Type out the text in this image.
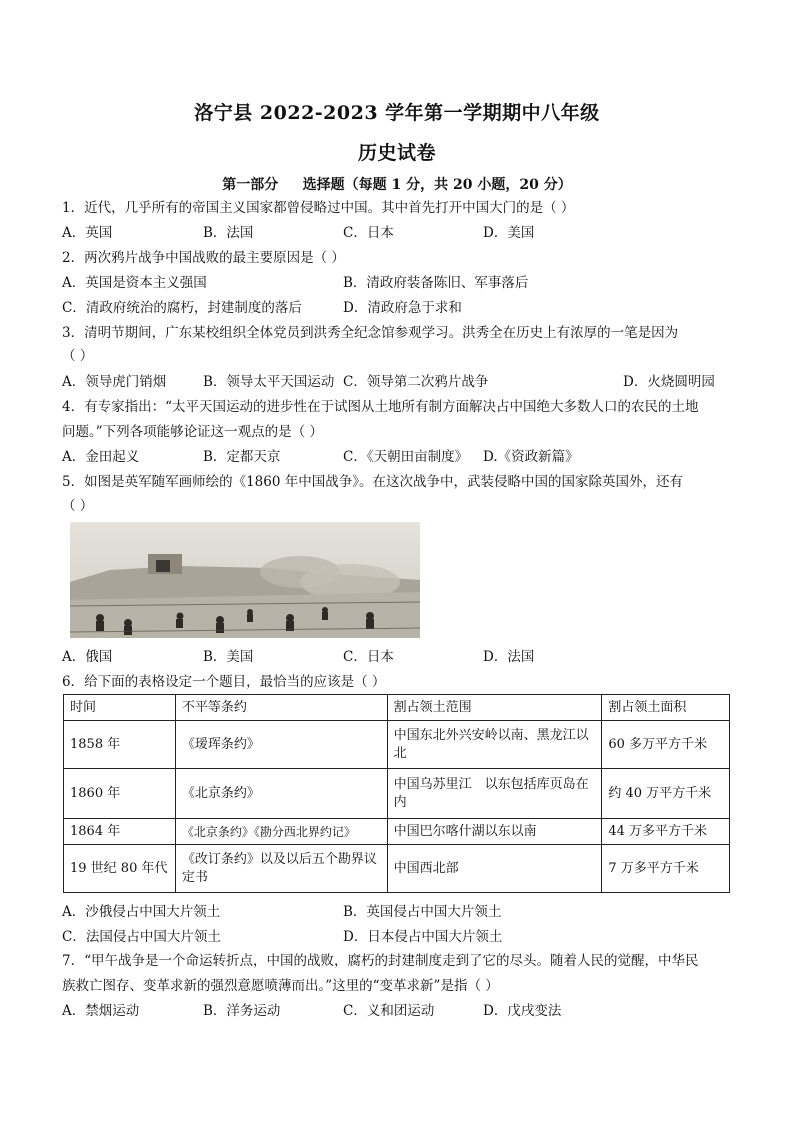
洛宁县 2022-2023 学年第一学期期中八年级
历史试卷
第一部分     选择题（每题 1 分，共 20 小题，20 分）
1．近代，几乎所有的帝国主义国家都曾侵略过中国。其中首先打开中国大门的是（ ）
A．英国	B．法国	C．日本	D．美国
2．两次鸦片战争中国战败的最主要原因是（ ）
A．英国是资本主义强国	B．清政府装备陈旧、军事落后
C．清政府统治的腐朽，封建制度的落后	D．清政府急于求和
3．清明节期间，广东某校组织全体党员到洪秀全纪念馆参观学习。洪秀全在历史上有浓厚的一笔是因为
（ ）
A．领导虎门销烟	B．领导太平天国运动 C．领导第二次鸦片战争	D．火烧圆明园
4．有专家指出：“太平天国运动的进步性在于试图从土地所有制方面解决占中国绝大多数人口的农民的土地
问题。”下列各项能够论证这一观点的是（ ）
A．金田起义	B．定都天京	C．《天朝田亩制度》 D.《资政新篇》
5．如图是英军随军画师绘的《1860 年中国战争》。在这次战争中，武装侵略中国的国家除英国外，还有
（ ）
A．俄国	B．美国	C．日本	D．法国
6．给下面的表格设定一个题目，最恰当的应该是（ ）
时间	不平等条约	割占领土范围	割占领土面积
1858 年	《瑷珲条约》	中国东北外兴安岭以南、黑龙江以北	60 多万平方千米
1860 年	《北京条约》	中国乌苏里江　以东包括库页岛在内	约 40 万平方千米
1864 年	《北京条约》《勘分西北界约记》	中国巴尔喀什湖以东以南	44 万多平方千米
19 世纪 80 年代	《改订条约》以及以后五个勘界议定书	中国西北部	7 万多平方千米
A．沙俄侵占中国大片领土	B．英国侵占中国大片领土
C．法国侵占中国大片领土	D．日本侵占中国大片领土
7．“甲午战争是一个命运转折点，中国的战败，腐朽的封建制度走到了它的尽头。随着人民的觉醒，中华民
族救亡图存、变革求新的强烈意愿喷薄而出。”这里的“变革求新”是指（ ）
A．禁烟运动	B．洋务运动	C．义和团运动	D．戊戌变法
